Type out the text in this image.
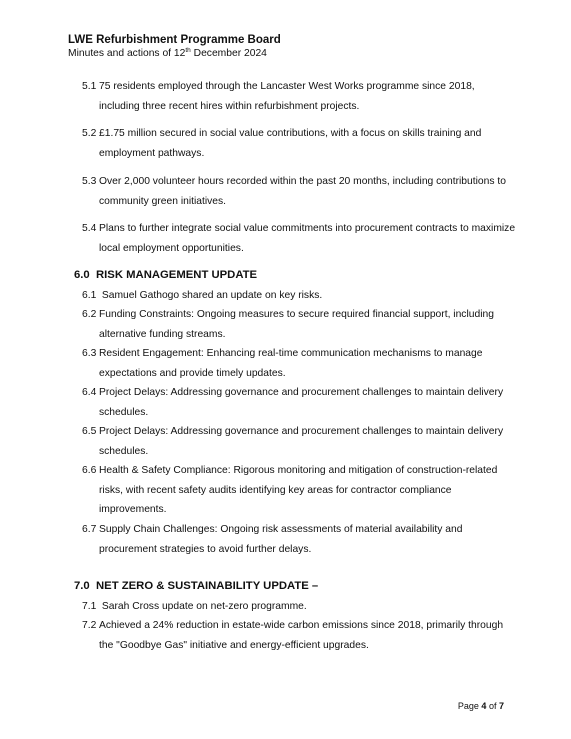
LWE Refurbishment Programme Board
Minutes and actions of 12th December 2024
5.1 75 residents employed through the Lancaster West Works programme since 2018, including three recent hires within refurbishment projects.
5.2 £1.75 million secured in social value contributions, with a focus on skills training and employment pathways.
5.3 Over 2,000 volunteer hours recorded within the past 20 months, including contributions to community green initiatives.
5.4 Plans to further integrate social value commitments into procurement contracts to maximize local employment opportunities.
6.0 RISK MANAGEMENT UPDATE
6.1 Samuel Gathogo shared an update on key risks.
6.2 Funding Constraints: Ongoing measures to secure required financial support, including alternative funding streams.
6.3 Resident Engagement: Enhancing real-time communication mechanisms to manage expectations and provide timely updates.
6.4 Project Delays: Addressing governance and procurement challenges to maintain delivery schedules.
6.5 Project Delays: Addressing governance and procurement challenges to maintain delivery schedules.
6.6 Health & Safety Compliance: Rigorous monitoring and mitigation of construction-related risks, with recent safety audits identifying key areas for contractor compliance improvements.
6.7 Supply Chain Challenges: Ongoing risk assessments of material availability and procurement strategies to avoid further delays.
7.0 NET ZERO & SUSTAINABILITY UPDATE –
7.1 Sarah Cross update on net-zero programme.
7.2 Achieved a 24% reduction in estate-wide carbon emissions since 2018, primarily through the "Goodbye Gas" initiative and energy-efficient upgrades.
Page 4 of 7
